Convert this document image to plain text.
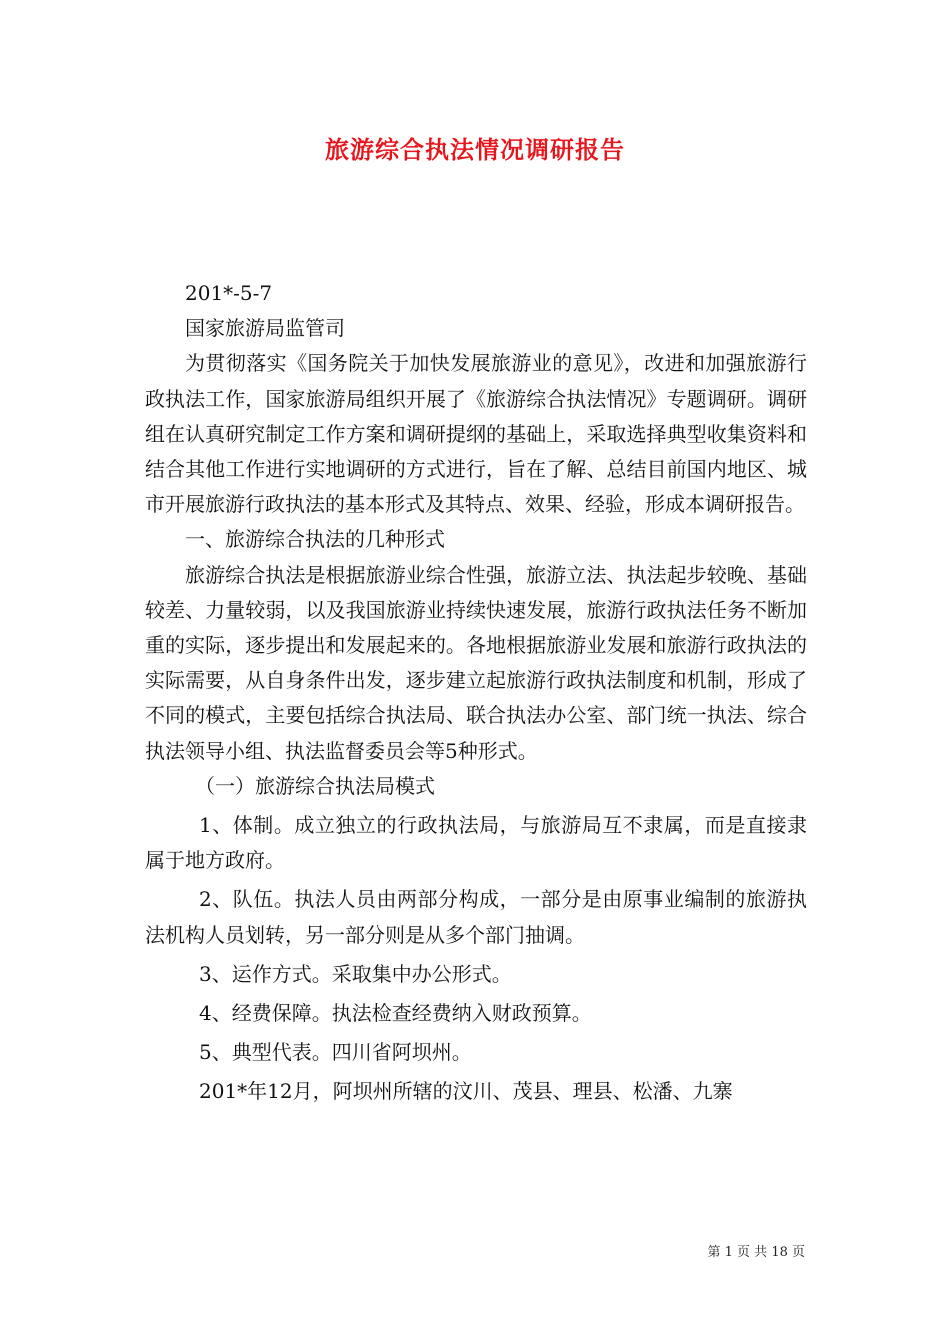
旅游综合执法情况调研报告

201*-5-7

国家旅游局监管司

为贯彻落实《国务院关于加快发展旅游业的意见》，改进和加强旅游行政执法工作，国家旅游局组织开展了《旅游综合执法情况》专题调研。调研组在认真研究制定工作方案和调研提纲的基础上，采取选择典型收集资料和结合其他工作进行实地调研的方式进行，旨在了解、总结目前国内地区、城市开展旅游行政执法的基本形式及其特点、效果、经验，形成本调研报告。

一、旅游综合执法的几种形式

旅游综合执法是根据旅游业综合性强，旅游立法、执法起步较晚、基础较差、力量较弱，以及我国旅游业持续快速发展，旅游行政执法任务不断加重的实际，逐步提出和发展起来的。各地根据旅游业发展和旅游行政执法的实际需要，从自身条件出发，逐步建立起旅游行政执法制度和机制，形成了不同的模式，主要包括综合执法局、联合执法办公室、部门统一执法、综合执法领导小组、执法监督委员会等5种形式。

（一）旅游综合执法局模式

1、体制。成立独立的行政执法局，与旅游局互不隶属，而是直接隶属于地方政府。

2、队伍。执法人员由两部分构成，一部分是由原事业编制的旅游执法机构人员划转，另一部分则是从多个部门抽调。

3、运作方式。采取集中办公形式。

4、经费保障。执法检查经费纳入财政预算。

5、典型代表。四川省阿坝州。

201*年12月，阿坝州所辖的汶川、茂县、理县、松潘、九寨

第 1 页 共 18 页
